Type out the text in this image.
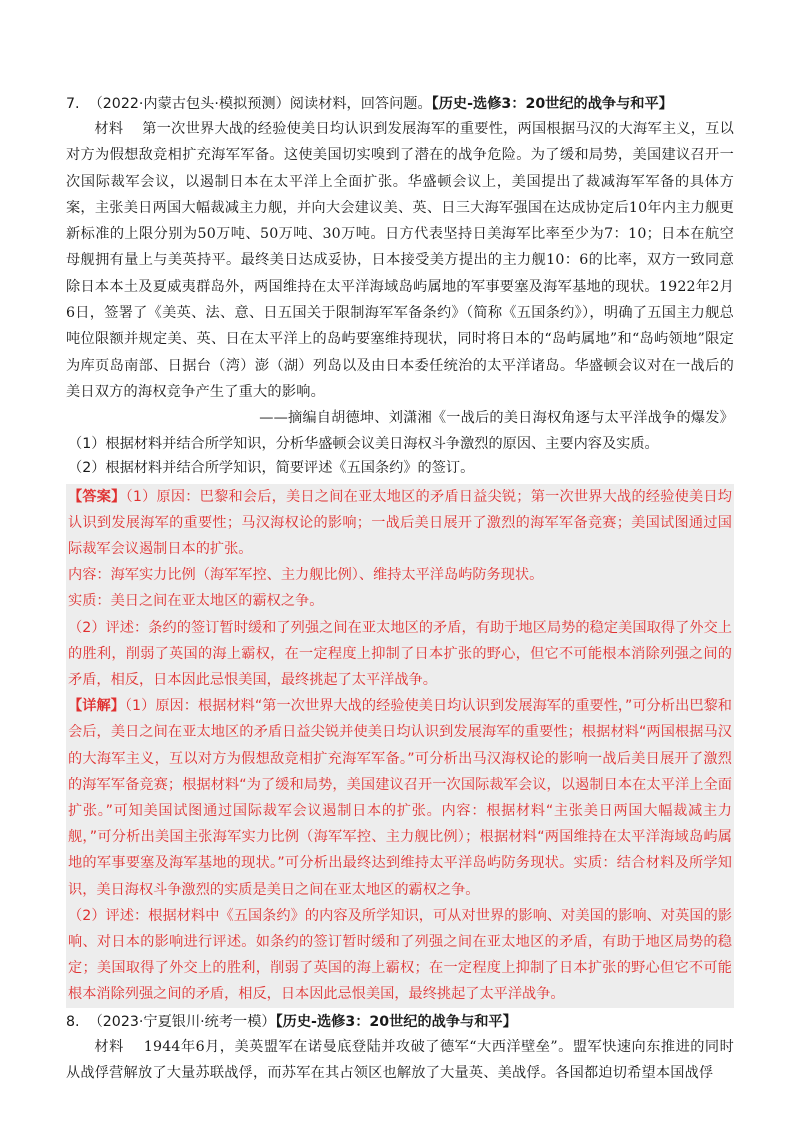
7. （2022·内蒙古包头·模拟预测）阅读材料，回答问题。【历史-选修3：20世纪的战争与和平】

材料 第一次世界大战的经验使美日均认识到发展海军的重要性，两国根据马汉的大海军主义，互以对方为假想敌竞相扩充海军军备。这使美国切实嗅到了潜在的战争危险。为了缓和局势，美国建议召开一次国际裁军会议，以遏制日本在太平洋上全面扩张。华盛顿会议上，美国提出了裁减海军军备的具体方案，主张美日两国大幅裁减主力舰，并向大会建议美、英、日三大海军强国在达成协定后10年内主力舰更新标准的上限分别为50万吨、50万吨、30万吨。日方代表坚持日美海军比率至少为7：10；日本在航空母舰拥有量上与美英持平。最终美日达成妥协，日本接受美方提出的主力舰10：6的比率，双方一致同意除日本本土及夏威夷群岛外，两国维持在太平洋海域岛屿属地的军事要塞及海军基地的现状。1922年2月6日，签署了《美英、法、意、日五国关于限制海军军备条约》（简称《五国条约》），明确了五国主力舰总吨位限额并规定美、英、日在太平洋上的岛屿要塞维持现状，同时将日本的“岛屿属地”和“岛屿领地”限定为库页岛南部、日据台（湾）澎（湖）列岛以及由日本委任统治的太平洋诸岛。华盛顿会议对在一战后的美日双方的海权竞争产生了重大的影响。

——摘编自胡德坤、刘潇湘《一战后的美日海权角逐与太平洋战争的爆发》

（1）根据材料并结合所学知识，分析华盛顿会议美日海权斗争激烈的原因、主要内容及实质。

（2）根据材料并结合所学知识，简要评述《五国条约》的签订。

【答案】（1）原因：巴黎和会后，美日之间在亚太地区的矛盾日益尖锐；第一次世界大战的经验使美日均认识到发展海军的重要性；马汉海权论的影响；一战后美日展开了激烈的海军军备竞赛；美国试图通过国际裁军会议遏制日本的扩张。

内容：海军实力比例（海军军控、主力舰比例）、维持太平洋岛屿防务现状。

实质：美日之间在亚太地区的霸权之争。

（2）评述：条约的签订暂时缓和了列强之间在亚太地区的矛盾，有助于地区局势的稳定美国取得了外交上的胜利，削弱了英国的海上霸权，在一定程度上抑制了日本扩张的野心，但它不可能根本消除列强之间的矛盾，相反，日本因此忌恨美国，最终挑起了太平洋战争。

【详解】（1）原因：根据材料“第一次世界大战的经验使美日均认识到发展海军的重要性，”可分析出巴黎和会后，美日之间在亚太地区的矛盾日益尖锐并使美日均认识到发展海军的重要性；根据材料“两国根据马汉的大海军主义，互以对方为假想敌竞相扩充海军军备。”可分析出马汉海权论的影响一战后美日展开了激烈的海军军备竞赛；根据材料“为了缓和局势，美国建议召开一次国际裁军会议，以遏制日本在太平洋上全面扩张。”可知美国试图通过国际裁军会议遏制日本的扩张。内容：根据材料“主张美日两国大幅裁减主力舰，”可分析出美国主张海军实力比例（海军军控、主力舰比例）；根据材料“两国维持在太平洋海域岛屿属地的军事要塞及海军基地的现状。”可分析出最终达到维持太平洋岛屿防务现状。实质：结合材料及所学知识，美日海权斗争激烈的实质是美日之间在亚太地区的霸权之争。

（2）评述：根据材料中《五国条约》的内容及所学知识，可从对世界的影响、对美国的影响、对英国的影响、对日本的影响进行评述。如条约的签订暂时缓和了列强之间在亚太地区的矛盾，有助于地区局势的稳定；美国取得了外交上的胜利，削弱了英国的海上霸权；在一定程度上抑制了日本扩张的野心但它不可能根本消除列强之间的矛盾，相反，日本因此忌恨美国，最终挑起了太平洋战争。

8. （2023·宁夏银川·统考一模）【历史-选修3：20世纪的战争与和平】

材料 1944年6月，美英盟军在诺曼底登陆并攻破了德军“大西洋壁垒”。盟军快速向东推进的同时从战俘营解放了大量苏联战俘，而苏军在其占领区也解放了大量英、美战俘。各国都迫切希望本国战俘
